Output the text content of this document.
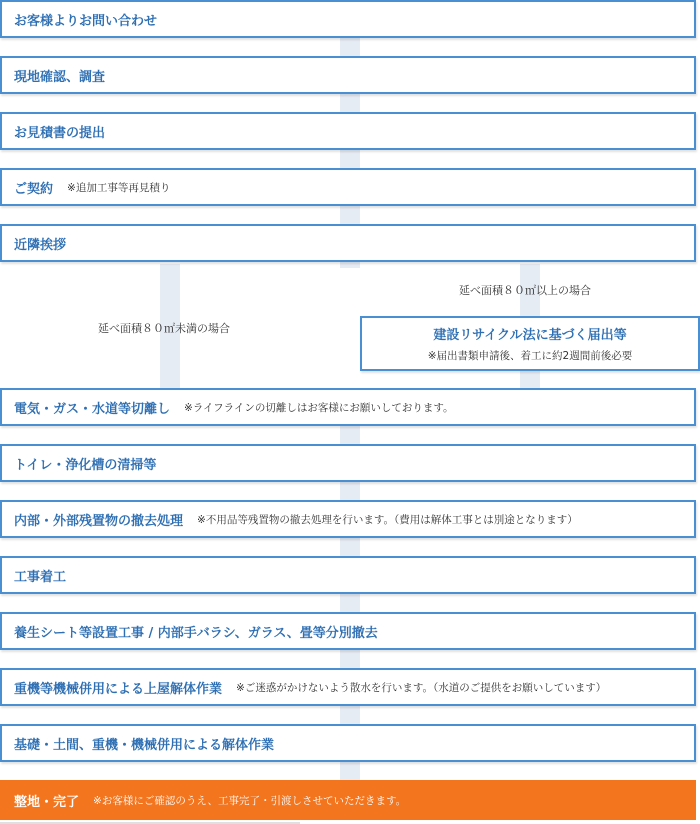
お客様よりお問い合わせ
現地確認、調査
お見積書の提出
ご契約 ※追加工事等再見積り
近隣挨拶
延べ面積８０㎡未満の場合
延べ面積８０㎡以上の場合
建設リサイクル法に基づく届出等
※届出書類申請後、着工に約2週間前後必要
電気・ガス・水道等切離し ※ライフラインの切離しはお客様にお願いしております。
トイレ・浄化槽の清掃等
内部・外部残置物の撤去処理 ※不用品等残置物の撤去処理を行います。（費用は解体工事とは別途となります）
工事着工
養生シート等設置工事 / 内部手バラシ、ガラス、畳等分別撤去
重機等機械併用による上屋解体作業 ※ご迷惑がかけないよう散水を行います。（水道のご提供をお願いしています）
基礎・土間、重機・機械併用による解体作業
整地・完了 ※お客様にご確認のうえ、工事完了・引渡しさせていただきます。
